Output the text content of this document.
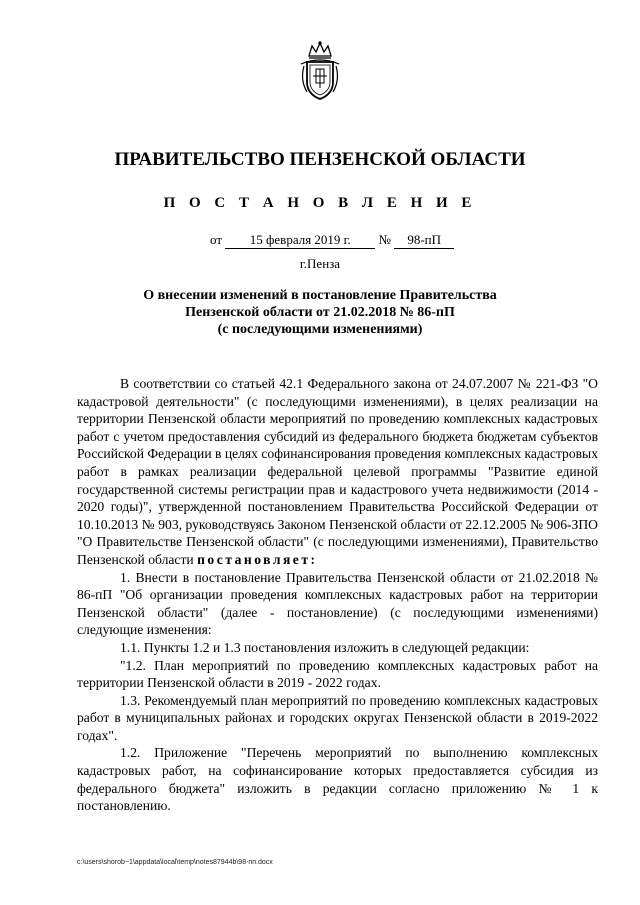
ПРАВИТЕЛЬСТВО ПЕНЗЕНСКОЙ ОБЛАСТИ
П О С Т А Н О В Л Е Н И Е
от 15 февраля 2019 г. № 98-пП
г.Пенза
О внесении изменений в постановление Правительства
Пензенской области от 21.02.2018 № 86-пП
(с последующими изменениями)

В соответствии со статьей 42.1 Федерального закона от 24.07.2007 № 221-ФЗ "О кадастровой деятельности" (с последующими изменениями), в целях реализации на территории Пензенской области мероприятий по проведению комплексных кадастровых работ с учетом предоставления субсидий из федерального бюджета бюджетам субъектов Российской Федерации в целях софинансирования проведения комплексных кадастровых работ в рамках реализации федеральной целевой программы "Развитие единой государственной системы регистрации прав и кадастрового учета недвижимости (2014 - 2020 годы)", утвержденной постановлением Правительства Российской Федерации от 10.10.2013 № 903, руководствуясь Законом Пензенской области от 22.12.2005 № 906-ЗПО "О Правительстве Пензенской области" (с последующими изменениями), Правительство Пензенской области постановляет:

1. Внести в постановление Правительства Пензенской области от 21.02.2018 № 86-пП "Об организации проведения комплексных кадастровых работ на территории Пензенской области" (далее - постановление) (с последующими изменениями) следующие изменения:

1.1. Пункты 1.2 и 1.3 постановления изложить в следующей редакции:

"1.2. План мероприятий по проведению комплексных кадастровых работ на территории Пензенской области в 2019 - 2022 годах.

1.3. Рекомендуемый план мероприятий по проведению комплексных кадастровых работ в муниципальных районах и городских округах Пензенской области в 2019-2022 годах".

1.2. Приложение "Перечень мероприятий по выполнению комплексных кадастровых работ, на софинансирование которых предоставляется субсидия из федерального бюджета" изложить в редакции согласно приложению № 1 к постановлению.

c:\users\shorob~1\appdata\local\temp\notes87944b\98-пп.docx
